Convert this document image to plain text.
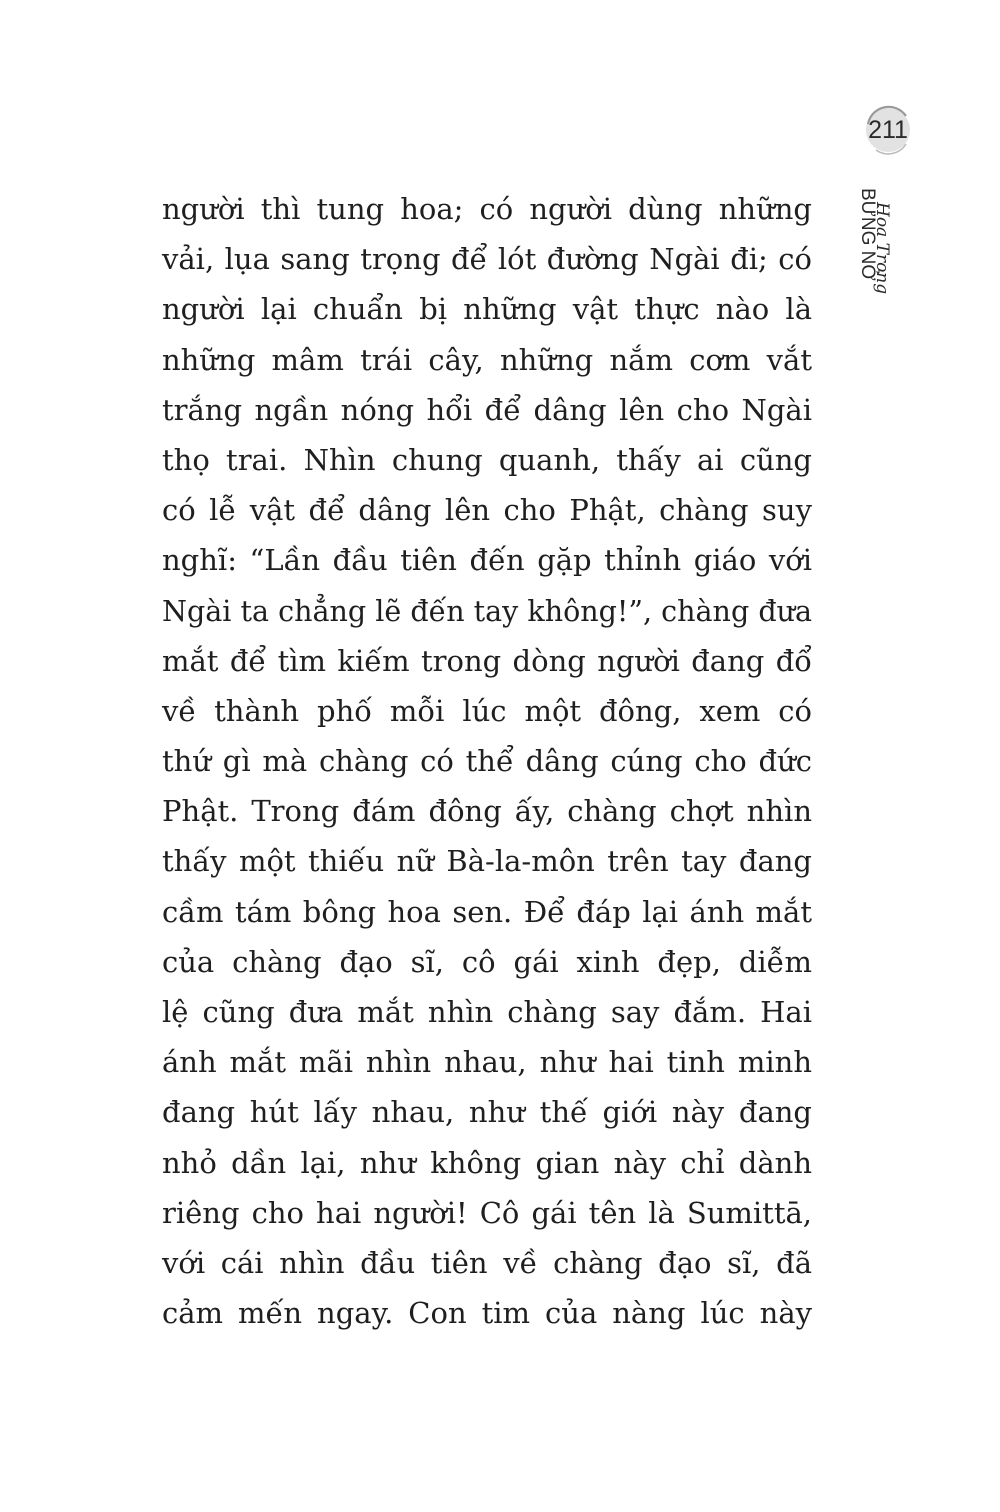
211
Hoa Trong
BỪNG NỞ
người thì tung hoa; có người dùng những
vải, lụa sang trọng để lót đường Ngài đi; có
người lại chuẩn bị những vật thực nào là
những mâm trái cây, những nắm cơm vắt
trắng ngần nóng hổi để dâng lên cho Ngài
thọ trai. Nhìn chung quanh, thấy ai cũng
có lễ vật để dâng lên cho Phật, chàng suy
nghĩ: “Lần đầu tiên đến gặp thỉnh giáo với
Ngài ta chẳng lẽ đến tay không!”, chàng đưa
mắt để tìm kiếm trong dòng người đang đổ
về thành phố mỗi lúc một đông, xem có
thứ gì mà chàng có thể dâng cúng cho đức
Phật. Trong đám đông ấy, chàng chợt nhìn
thấy một thiếu nữ Bà-la-môn trên tay đang
cầm tám bông hoa sen. Để đáp lại ánh mắt
của chàng đạo sĩ, cô gái xinh đẹp, diễm
lệ cũng đưa mắt nhìn chàng say đắm. Hai
ánh mắt mãi nhìn nhau, như hai tinh minh
đang hút lấy nhau, như thế giới này đang
nhỏ dần lại, như không gian này chỉ dành
riêng cho hai người! Cô gái tên là Sumittā,
với cái nhìn đầu tiên về chàng đạo sĩ, đã
cảm mến ngay. Con tim của nàng lúc này
